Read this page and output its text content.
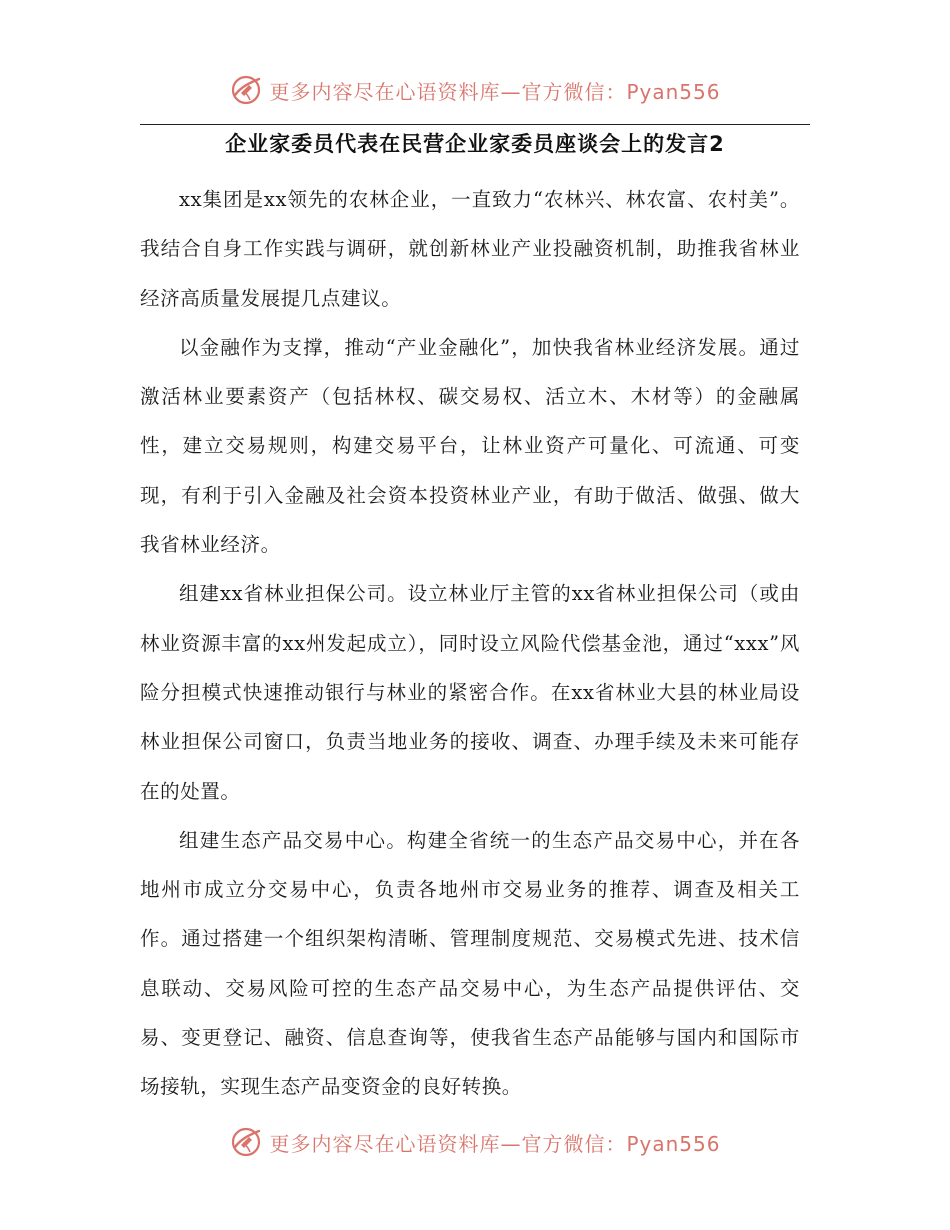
更多内容尽在心语资料库—官方微信：Pyan556
企业家委员代表在民营企业家委员座谈会上的发言2

xx集团是xx领先的农林企业，一直致力“农林兴、林农富、农村美”。我结合自身工作实践与调研，就创新林业产业投融资机制，助推我省林业经济高质量发展提几点建议。

以金融作为支撑，推动“产业金融化”，加快我省林业经济发展。通过激活林业要素资产（包括林权、碳交易权、活立木、木材等）的金融属性，建立交易规则，构建交易平台，让林业资产可量化、可流通、可变现，有利于引入金融及社会资本投资林业产业，有助于做活、做强、做大我省林业经济。

组建xx省林业担保公司。设立林业厅主管的xx省林业担保公司（或由林业资源丰富的xx州发起成立），同时设立风险代偿基金池，通过“xxx”风险分担模式快速推动银行与林业的紧密合作。在xx省林业大县的林业局设林业担保公司窗口，负责当地业务的接收、调查、办理手续及未来可能存在的处置。

组建生态产品交易中心。构建全省统一的生态产品交易中心，并在各地州市成立分交易中心，负责各地州市交易业务的推荐、调查及相关工作。通过搭建一个组织架构清晰、管理制度规范、交易模式先进、技术信息联动、交易风险可控的生态产品交易中心，为生态产品提供评估、交易、变更登记、融资、信息查询等，使我省生态产品能够与国内和国际市场接轨，实现生态产品变资金的良好转换。

更多内容尽在心语资料库—官方微信：Pyan556
